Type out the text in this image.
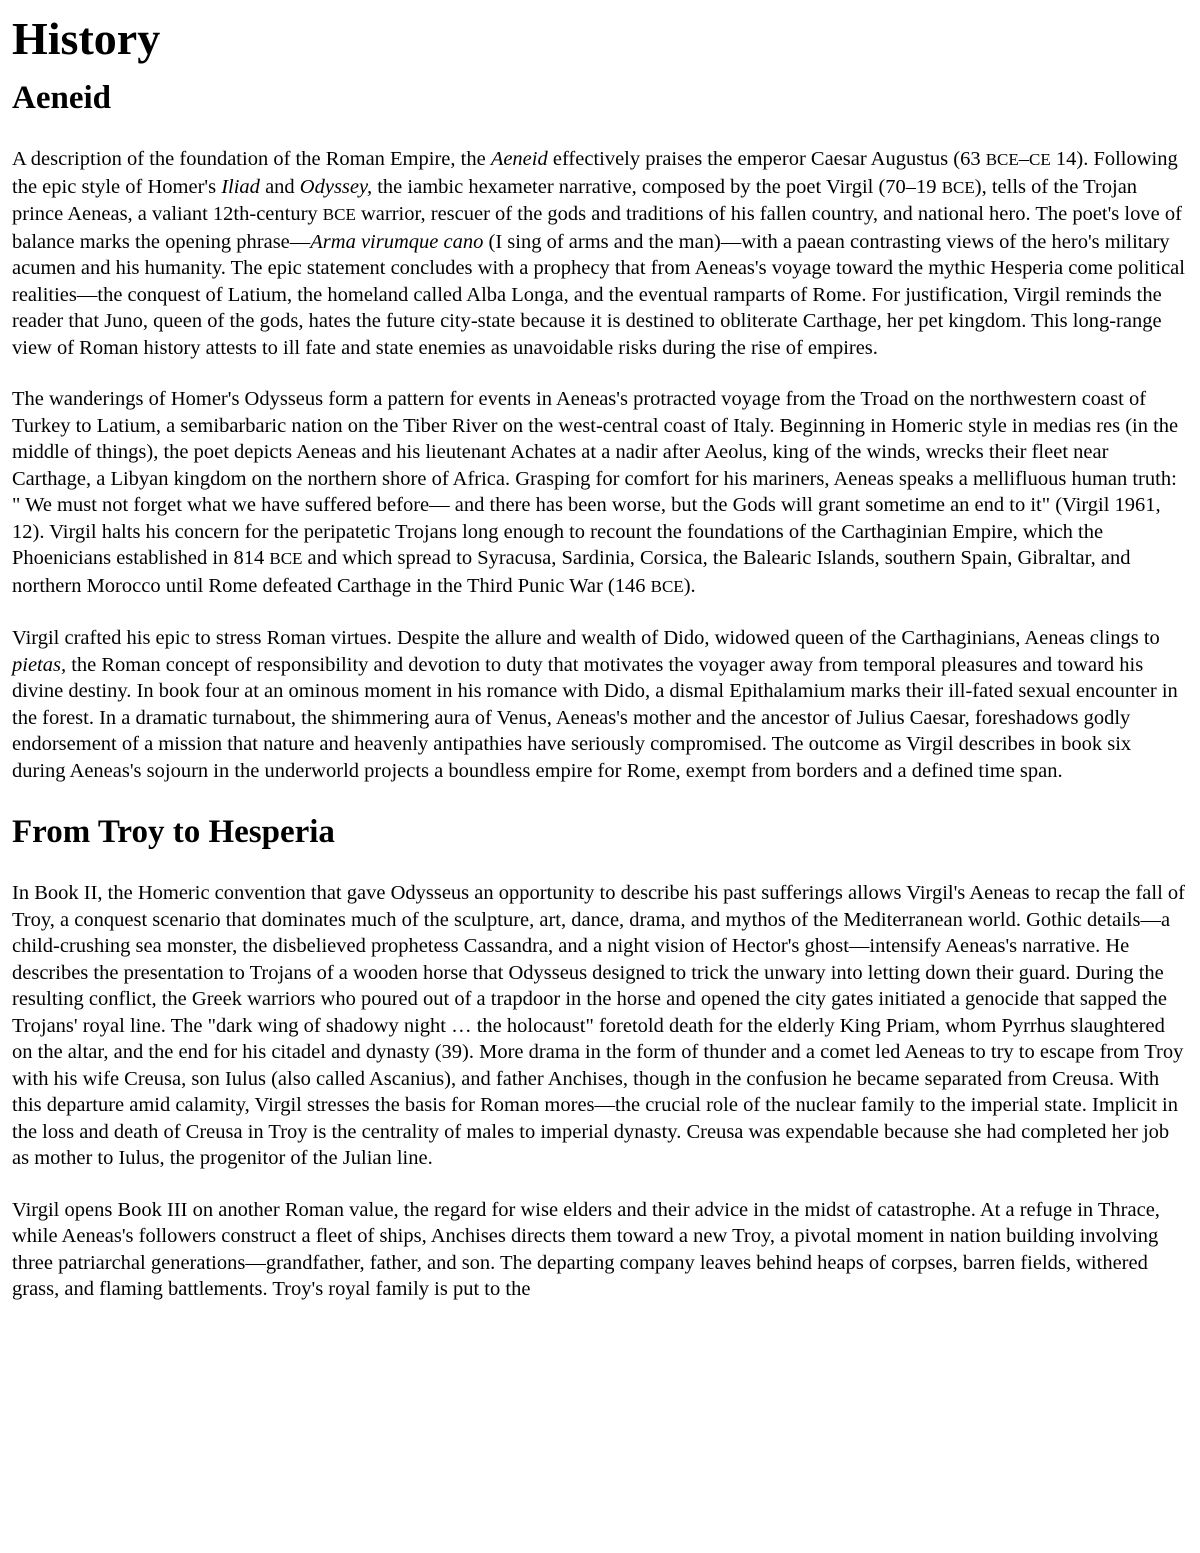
History
Aeneid

A description of the foundation of the Roman Empire, the Aeneid effectively praises the emperor Caesar Augustus (63 BCE–CE 14). Following the epic style of Homer's Iliad and Odyssey, the iambic hexameter narrative, composed by the poet Virgil (70–19 BCE), tells of the Trojan prince Aeneas, a valiant 12th-century BCE warrior, rescuer of the gods and traditions of his fallen country, and national hero. The poet's love of balance marks the opening phrase—Arma virumque cano (I sing of arms and the man)—with a paean contrasting views of the hero's military acumen and his humanity. The epic statement concludes with a prophecy that from Aeneas's voyage toward the mythic Hesperia come political realities—the conquest of Latium, the homeland called Alba Longa, and the eventual ramparts of Rome. For justification, Virgil reminds the reader that Juno, queen of the gods, hates the future city-state because it is destined to obliterate Carthage, her pet kingdom. This long-range view of Roman history attests to ill fate and state enemies as unavoidable risks during the rise of empires.

The wanderings of Homer's Odysseus form a pattern for events in Aeneas's protracted voyage from the Troad on the northwestern coast of Turkey to Latium, a semibarbaric nation on the Tiber River on the west-central coast of Italy. Beginning in Homeric style in medias res (in the middle of things), the poet depicts Aeneas and his lieutenant Achates at a nadir after Aeolus, king of the winds, wrecks their fleet near Carthage, a Libyan kingdom on the northern shore of Africa. Grasping for comfort for his mariners, Aeneas speaks a mellifluous human truth: " We must not forget what we have suffered before— and there has been worse, but the Gods will grant sometime an end to it" (Virgil 1961, 12). Virgil halts his concern for the peripatetic Trojans long enough to recount the foundations of the Carthaginian Empire, which the Phoenicians established in 814 BCE and which spread to Syracusa, Sardinia, Corsica, the Balearic Islands, southern Spain, Gibraltar, and northern Morocco until Rome defeated Carthage in the Third Punic War (146 BCE).

Virgil crafted his epic to stress Roman virtues. Despite the allure and wealth of Dido, widowed queen of the Carthaginians, Aeneas clings to pietas, the Roman concept of responsibility and devotion to duty that motivates the voyager away from temporal pleasures and toward his divine destiny. In book four at an ominous moment in his romance with Dido, a dismal Epithalamium marks their ill-fated sexual encounter in the forest. In a dramatic turnabout, the shimmering aura of Venus, Aeneas's mother and the ancestor of Julius Caesar, foreshadows godly endorsement of a mission that nature and heavenly antipathies have seriously compromised. The outcome as Virgil describes in book six during Aeneas's sojourn in the underworld projects a boundless empire for Rome, exempt from borders and a defined time span.

From Troy to Hesperia

In Book II, the Homeric convention that gave Odysseus an opportunity to describe his past sufferings allows Virgil's Aeneas to recap the fall of Troy, a conquest scenario that dominates much of the sculpture, art, dance, drama, and mythos of the Mediterranean world. Gothic details—a child-crushing sea monster, the disbelieved prophetess Cassandra, and a night vision of Hector's ghost—intensify Aeneas's narrative. He describes the presentation to Trojans of a wooden horse that Odysseus designed to trick the unwary into letting down their guard. During the resulting conflict, the Greek warriors who poured out of a trapdoor in the horse and opened the city gates initiated a genocide that sapped the Trojans' royal line. The "dark wing of shadowy night … the holocaust" foretold death for the elderly King Priam, whom Pyrrhus slaughtered on the altar, and the end for his citadel and dynasty (39). More drama in the form of thunder and a comet led Aeneas to try to escape from Troy with his wife Creusa, son Iulus (also called Ascanius), and father Anchises, though in the confusion he became separated from Creusa. With this departure amid calamity, Virgil stresses the basis for Roman mores—the crucial role of the nuclear family to the imperial state. Implicit in the loss and death of Creusa in Troy is the centrality of males to imperial dynasty. Creusa was expendable because she had completed her job as mother to Iulus, the progenitor of the Julian line.

Virgil opens Book III on another Roman value, the regard for wise elders and their advice in the midst of catastrophe. At a refuge in Thrace, while Aeneas's followers construct a fleet of ships, Anchises directs them toward a new Troy, a pivotal moment in nation building involving three patriarchal generations—grandfather, father, and son. The departing company leaves behind heaps of corpses, barren fields, withered grass, and flaming battlements. Troy's royal family is put to the
